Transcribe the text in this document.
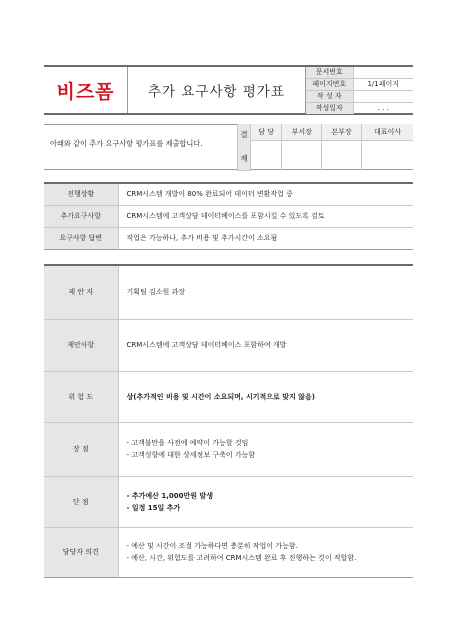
비즈폼	추가 요구사항 평가표
문서번호	
페이지번호	1/1페이지
작 성 자	
작성일자	. . .
아래와 같이 추가 요구사항 평가표를 제출합니다.
결

재	담 당	부서장	본부장	대표이사

진행상황	CRM시스템 개발이 80% 완료되어 데이터 변환작업 중
추가요구사항	CRM시스템에 고객상담 데이터베이스를 포함시킬 수 있도록 검토
요구사항 답변	작업은 가능하나, 추가 비용 및 추가시간이 소요됨
제 안 자	기획팀 김소원 과장
제안사항	CRM시스템에 고객상담 데이터베이스 포함하여 개발
위 험 도	상(추가적인 비용 및 시간이 소요되며, 시기적으로 맞지 않음)
장 점	- 고객불만을 사전에 예약이 가능할 것임
- 고객성향에 대한 상세정보 구축이 가능함

단 점	- 추가예산 1,000만원 발생
- 일정 15일 추가

담당자 의견	- 예산 및 시간이 조절 가능하다면 충분히 작업이 가능함.
- 예산, 시간, 위험도를 고려하여 CRM시스템 완료 후 진행하는 것이 적합함.
